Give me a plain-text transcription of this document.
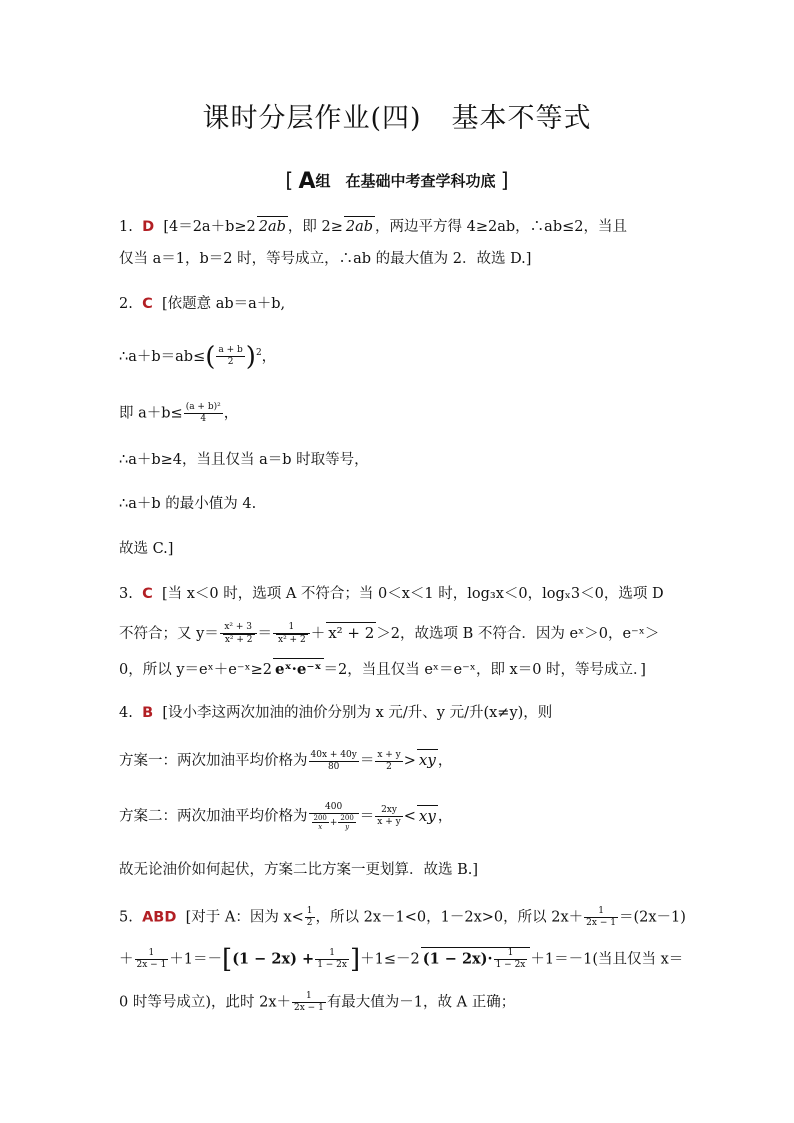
课时分层作业(四) 基本不等式
[ A组　在基础中考查学科功底 ]
1. D [4＝2a＋b≥2 2ab ，即 2≥ 2ab ，两边平方得 4≥2ab，∴ab≤2，当且
仅当 a＝1，b＝2 时，等号成立，∴ab 的最大值为 2．故选 D.]
2. C [依题意 ab＝a＋b,
∴a＋b＝ab≤( $\frac{a + b}{2} )^2$，
即 $a+b\le \frac{\text{(a + b)²}}{4}$ ，
∴a＋b≥4，当且仅当 a＝b 时取等号，
∴a＋b 的最小值为 4.
故选 C.]
3. C [当 x＜0 时，选项 A 不符合；当 0＜x＜1 时，log₃x＜0，logₓ3＜0，选项 D
不符合；又 $y= \frac{\text{x² + 3}}{\text{x² + 2}} = \frac{1}{\text{x² + 2}} + x^2 + 2 >2$，故选项 B 不符合．因为 eˣ＞0，e⁻ˣ＞
0，所以 y＝eˣ＋e⁻ˣ≥2 eˣ·e⁻ˣ ＝2，当且仅当 eˣ＝e⁻ˣ，即 x＝0 时，等号成立．]
4. B [设小李这两次加油的油价分别为 x 元/升、y 元/升(x≠y)，则
方案一：两次加油平均价格为 $\frac{40x + 40y}{80} = \frac{x + y}{2}$ > xy ，
方案二：两次加油平均价格为 $\frac{400}{\frac{200}{x} + \frac{200}{y}} = \frac{2xy}{x + y}$ < xy ，
故无论油价如何起伏，方案二比方案一更划算．故选 B.]
5. ABD [对于 A：因为 $x< \frac{1}{2}$ ，所以 2x－1<0，1－2x>0，所以 $2x+ \frac{1}{2x - 1} =(2x-1)$
＋ $\frac{1}{2x - 1} +1=-[(1 - 2x) + \frac{1}{1 - 2x} ]+1\le-2$ $(1 - 2x)\cdot \frac{1}{1 - 2x} +1=-1$(当且仅当 x＝
0 时等号成立)，此时 $2x+ \frac{1}{2x - 1}$ 有最大值为－1，故 A 正确；
